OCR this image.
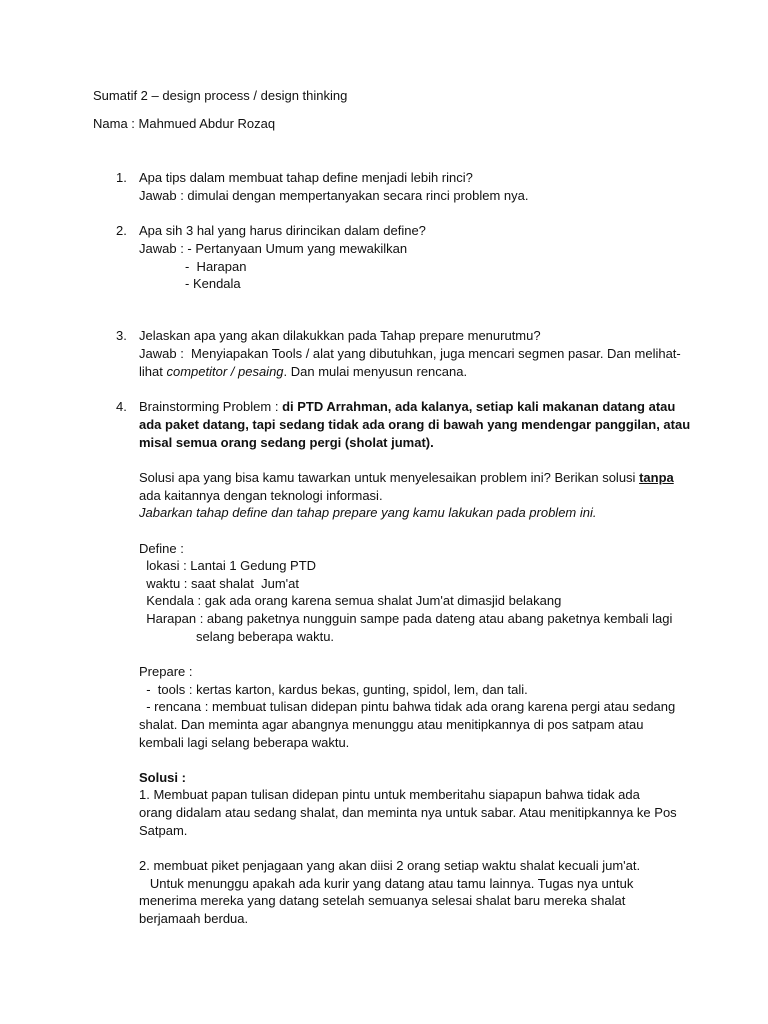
Sumatif 2 – design process / design thinking
Nama : Mahmued Abdur Rozaq
1. Apa tips dalam membuat tahap define menjadi lebih rinci?
Jawab : dimulai dengan mempertanyakan secara rinci problem nya.
2. Apa sih 3 hal yang harus dirincikan dalam define?
Jawab : - Pertanyaan Umum yang mewakilkan
-  Harapan
- Kendala
3. Jelaskan apa yang akan dilakukkan pada Tahap prepare menurutmu?
Jawab :  Menyiapakan Tools / alat yang dibutuhkan, juga mencari segmen pasar. Dan melihat-
lihat competitor / pesaing. Dan mulai menyusun rencana.
4. Brainstorming Problem : di PTD Arrahman, ada kalanya, setiap kali makanan datang atau
ada paket datang, tapi sedang tidak ada orang di bawah yang mendengar panggilan, atau
misal semua orang sedang pergi (sholat jumat).
Solusi apa yang bisa kamu tawarkan untuk menyelesaikan problem ini? Berikan solusi tanpa
ada kaitannya dengan teknologi informasi.
Jabarkan tahap define dan tahap prepare yang kamu lakukan pada problem ini.
Define :
lokasi : Lantai 1 Gedung PTD
waktu : saat shalat  Jum'at
Kendala : gak ada orang karena semua shalat Jum'at dimasjid belakang
Harapan : abang paketnya nungguin sampe pada dateng atau abang paketnya kembali lagi
selang beberapa waktu.
Prepare :
-  tools : kertas karton, kardus bekas, gunting, spidol, lem, dan tali.
- rencana : membuat tulisan didepan pintu bahwa tidak ada orang karena pergi atau sedang
shalat. Dan meminta agar abangnya menunggu atau menitipkannya di pos satpam atau
kembali lagi selang beberapa waktu.
Solusi :
1. Membuat papan tulisan didepan pintu untuk memberitahu siapapun bahwa tidak ada
orang didalam atau sedang shalat, dan meminta nya untuk sabar. Atau menitipkannya ke Pos
Satpam.
2. membuat piket penjagaan yang akan diisi 2 orang setiap waktu shalat kecuali jum'at.
Untuk menunggu apakah ada kurir yang datang atau tamu lainnya. Tugas nya untuk
menerima mereka yang datang setelah semuanya selesai shalat baru mereka shalat
berjamaah berdua.
